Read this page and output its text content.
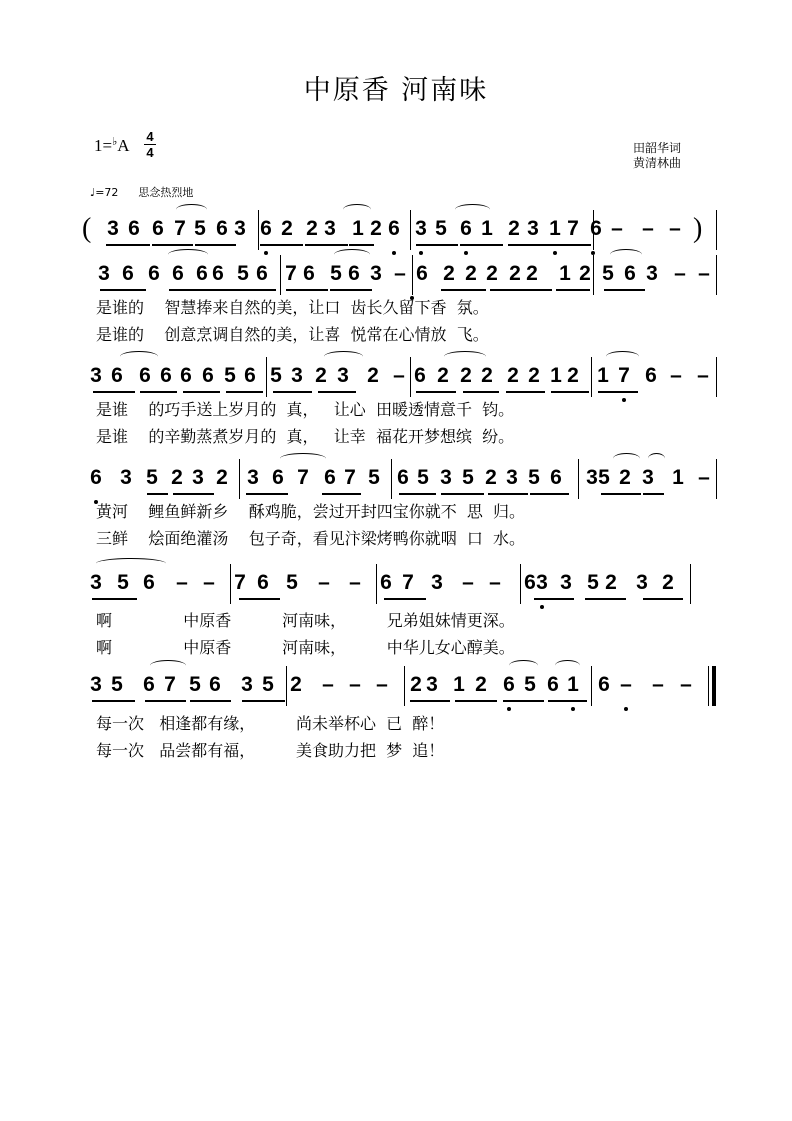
中原香 河南味
1=♭A 4
4	田韶华词
黄清林曲
♩=72 思念热烈地
( 3 6 6 7 5 6 3 6 2 2 3 1 2 6 3 5 6 1 2 3 1 7 6 – – – )
3 6 6 6 6 6 5 6 7 6 5 6 3 – 6 2 2 2 2 2 1 2 5 6 3 – –
是谁的    智慧捧来自然的美，让口  齿长久留下香  氛。
是谁的    创意烹调自然的美，让喜  悦常在心情放  飞。
3 6 6 6 6 6 5 6 5 3 2 3 2 – 6 2 2 2 2 2 1 2 1 7 6 – –
是谁    的巧手送上岁月的  真，   让心  田暖透情意千  钧。
是谁    的辛勤蒸煮岁月的  真，   让幸  福花开梦想缤  纷。
6 3 5 2 3 2 3 6 7 6 7 5 6 5 3 5 2 3 5 6 3 5 2 3 1 –
黄河    鲤鱼鲜新乡    酥鸡脆，尝过开封四宝你就不  思  归。
三鲜    烩面绝灌汤    包子奇，看见汴梁烤鸭你就咽  口  水。
3 5 6 – – 7 6 5 – – 6 7 3 – – 6 3 3 5 2 3 2
啊              中原香          河南味，        兄弟姐妹情更深。
啊              中原香          河南味，        中华儿女心醇美。
3 5 6 7 5 6 3 5 2 – – – 2 3 1 2 6 5 6 1 6 – – –
每一次   相逢都有缘，        尚未举杯心  已  醉！
每一次   品尝都有福，        美食助力把  梦  追！
